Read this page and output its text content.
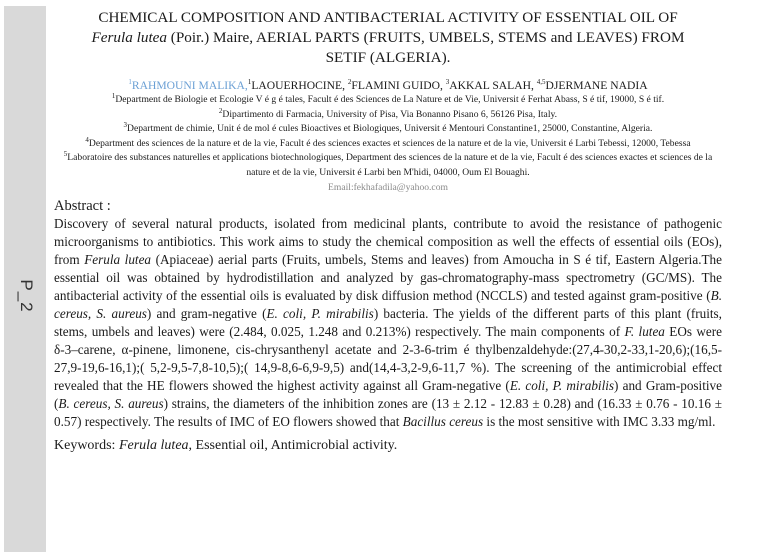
P_2
CHEMICAL COMPOSITION AND ANTIBACTERIAL ACTIVITY OF ESSENTIAL OIL OF
Ferula lutea (Poir.) Maire, AERIAL PARTS (FRUITS, UMBELS, STEMS and LEAVES) FROM
SETIF (ALGERIA).
$^1$RAHMOUNI MALIKA,$^1$LAOUERHOCINE, $^2$FLAMINI GUIDO, $^3$AKKAL SALAH, $^{4,5}$DJERMANE NADIA
$^1$Department de Biologie et Ecologie V é g é tales, Facult é des Sciences de La Nature et de Vie, Universit é Ferhat Abass, S é tif, 19000, S é tif.
$^2$Dipartimento di Farmacia, University of Pisa, Via Bonanno Pisano 6, 56126 Pisa, Italy.
$^3$Department de chimie, Unit é de mol é cules Bioactives et Biologiques, Universit é Mentouri Constantine1, 25000, Constantine, Algeria.
$^4$Department des sciences de la nature et de la vie, Facult é des sciences exactes et sciences de la nature et de la vie, Universit é Larbi Tebessi, 12000, Tebessa
$^5$Laboratoire des substances naturelles et applications biotechnologiques, Department des sciences de la nature et de la vie, Facult é des sciences exactes et sciences de la nature et de la vie, Universit é Larbi ben M'hidi, 04000, Oum El Bouaghi.
Email:fekhafadila@yahoo.com
Abstract :
Discovery of several natural products, isolated from medicinal plants, contribute to avoid the resistance of pathogenic microorganisms to antibiotics. This work aims to study the chemical composition as well the effects of essential oils (EOs), from Ferula lutea (Apiaceae) aerial parts (Fruits, umbels, Stems and leaves) from Amoucha in S é tif, Eastern Algeria.The essential oil was obtained by hydrodistillation and analyzed by gas-chromatography-mass spectrometry (GC/MS). The antibacterial activity of the essential oils is evaluated by disk diffusion method (NCCLS) and tested against gram-positive (B. cereus, S. aureus) and gram-negative (E. coli, P. mirabilis) bacteria. The yields of the different parts of this plant (fruits, stems, umbels and leaves) were (2.484, 0.025, 1.248 and 0.213%) respectively. The main components of F. lutea EOs were δ-3–carene, α-pinene, limonene, cis-chrysanthenyl acetate and 2-3-6-trim é thylbenzaldehyde:(27,4-30,2-33,1-20,6);(16,5-27,9-19,6-16,1);( 5,2-9,5-7,8-10,5);( 14,9-8,6-6,9-9,5) and(14,4-3,2-9,6-11,7 %). The screening of the antimicrobial effect revealed that the HE flowers showed the highest activity against all Gram-negative (E. coli, P. mirabilis) and Gram-positive (B. cereus, S. aureus) strains, the diameters of the inhibition zones are (13 ± 2.12 - 12.83 ± 0.28) and (16.33 ± 0.76 - 10.16 ± 0.57) respectively. The results of IMC of EO flowers showed that Bacillus cereus is the most sensitive with IMC 3.33 mg/ml.
Keywords: Ferula lutea, Essential oil, Antimicrobial activity.
